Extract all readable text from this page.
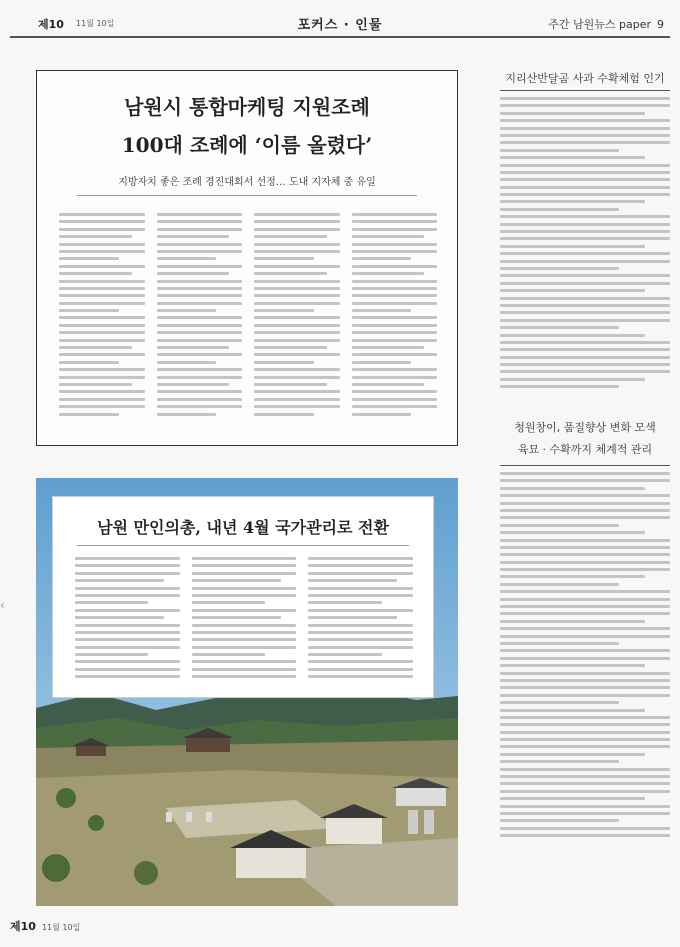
제10 11월 10일	포커스 · 인물	주간 남원뉴스 paper 9
남원시 통합마케팅 지원조례
100대 조례에 ‘이름 올렸다’
지방자치 좋은 조례 경진대회서 선정… 도내 지자체 중 유일
남원 만인의총, 내년 4월 국가관리로 전환
지리산반달곰 사과 수확체험 인기
청원창이, 품질향상 변화 모색
육묘 · 수확까지 체계적 관리
‹
제10 11월 10일
